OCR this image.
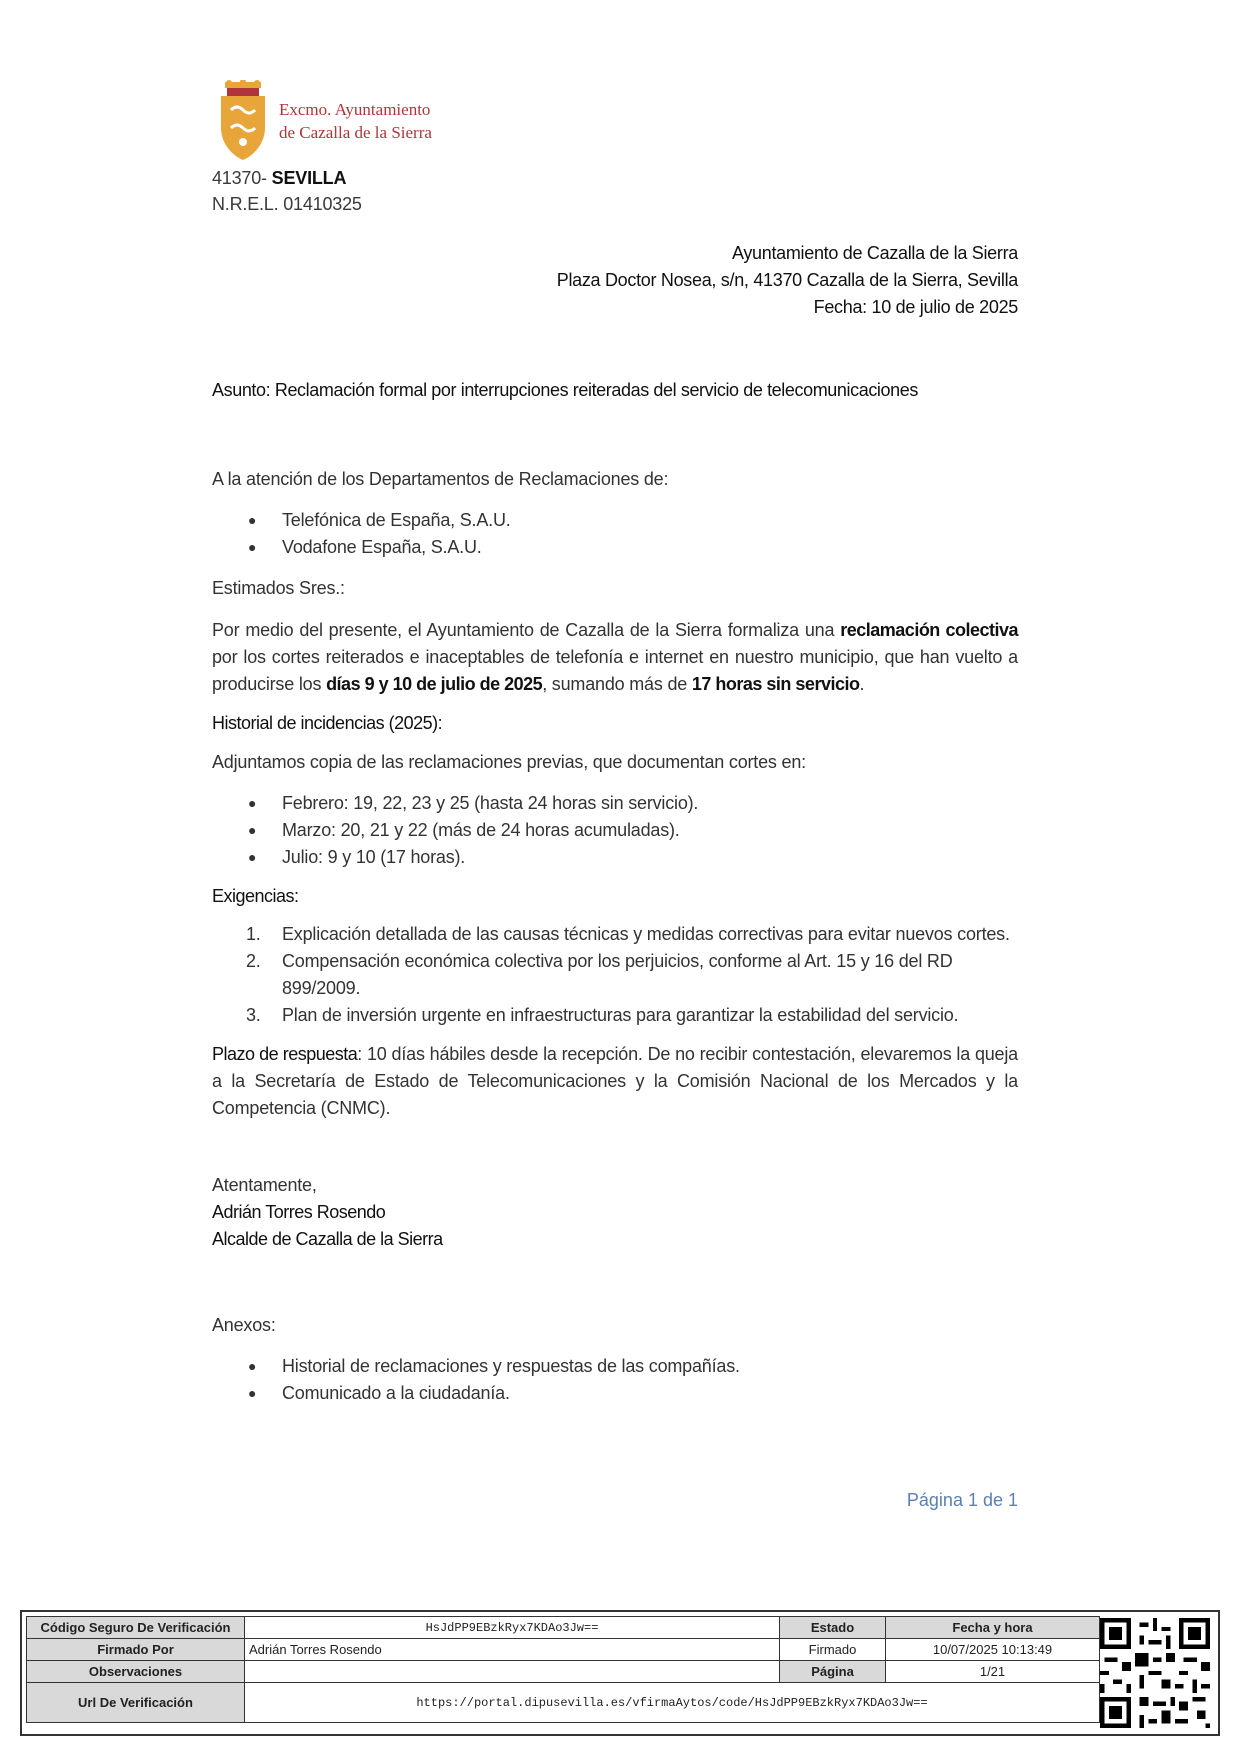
Excmo. Ayuntamiento
de Cazalla de la Sierra
41370- SEVILLA
N.R.E.L. 01410325
Ayuntamiento de Cazalla de la Sierra
Plaza Doctor Nosea, s/n, 41370 Cazalla de la Sierra, Sevilla
Fecha: 10 de julio de 2025
Asunto: Reclamación formal por interrupciones reiteradas del servicio de telecomunicaciones

A la atención de los Departamentos de Reclamaciones de:

● Telefónica de España, S.A.U.
● Vodafone España, S.A.U.

Estimados Sres.:

Por medio del presente, el Ayuntamiento de Cazalla de la Sierra formaliza una reclamación colectiva por los cortes reiterados e inaceptables de telefonía e internet en nuestro municipio, que han vuelto a producirse los días 9 y 10 de julio de 2025, sumando más de 17 horas sin servicio.

Historial de incidencias (2025):

Adjuntamos copia de las reclamaciones previas, que documentan cortes en:

● Febrero: 19, 22, 23 y 25 (hasta 24 horas sin servicio).
● Marzo: 20, 21 y 22 (más de 24 horas acumuladas).
● Julio: 9 y 10 (17 horas).

Exigencias:

1. Explicación detallada de las causas técnicas y medidas correctivas para evitar nuevos cortes.
2. Compensación económica colectiva por los perjuicios, conforme al Art. 15 y 16 del RD 899/2009.
3. Plan de inversión urgente en infraestructuras para garantizar la estabilidad del servicio.

Plazo de respuesta: 10 días hábiles desde la recepción. De no recibir contestación, elevaremos la queja a la Secretaría de Estado de Telecomunicaciones y la Comisión Nacional de los Mercados y la Competencia (CNMC).

Atentamente,

Adrián Torres Rosendo

Alcalde de Cazalla de la Sierra

Anexos:

● Historial de reclamaciones y respuestas de las compañías.
● Comunicado a la ciudadanía.
Página 1 de 1
Código Seguro De Verificación	HsJdPP9EBzkRyx7KDAo3Jw==	Estado	Fecha y hora
Firmado Por	Adrián Torres Rosendo	Firmado	10/07/2025 10:13:49
Observaciones		Página	1/21
Url De Verificación	https://portal.dipusevilla.es/vfirmaAytos/code/HsJdPP9EBzkRyx7KDAo3Jw==		
